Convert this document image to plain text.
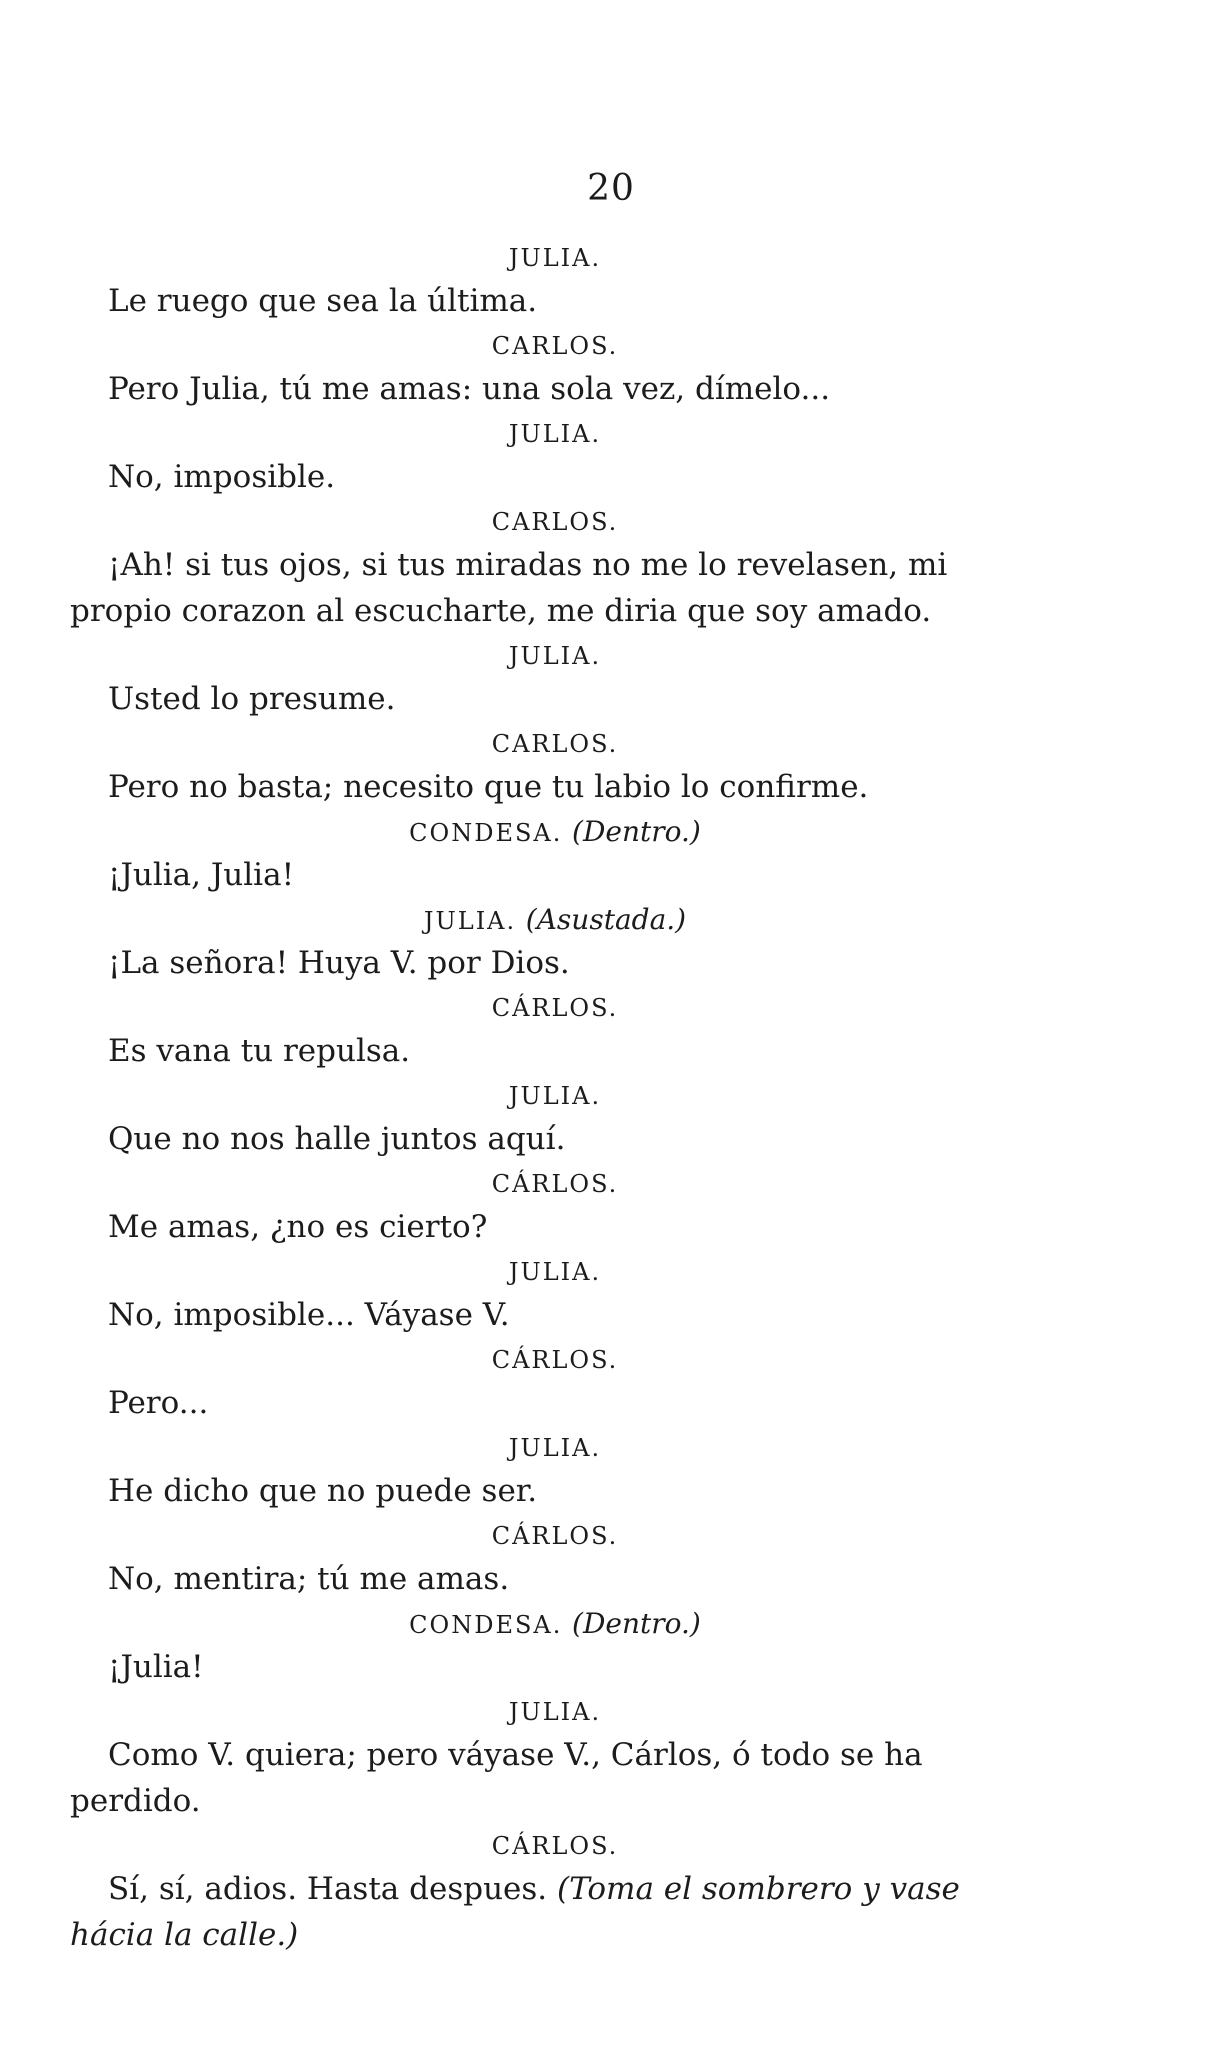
20

JULIA.

Le ruego que sea la última.

CARLOS.

Pero Julia, tú me amas: una sola vez, dímelo...

JULIA.

No, imposible.

CARLOS.

¡Ah! si tus ojos, si tus miradas no me lo revelasen, mi propio corazon al escucharte, me diria que soy amado.

JULIA.

Usted lo presume.

CARLOS.

Pero no basta; necesito que tu labio lo confirme.

CONDESA. (Dentro.)

¡Julia, Julia!

JULIA. (Asustada.)

¡La señora! Huya V. por Dios.

CÁRLOS.

Es vana tu repulsa.

JULIA.

Que no nos halle juntos aquí.

CÁRLOS.

Me amas, ¿no es cierto?

JULIA.

No, imposible... Váyase V.

CÁRLOS.

Pero...

JULIA.

He dicho que no puede ser.

CÁRLOS.

No, mentira; tú me amas.

CONDESA. (Dentro.)

¡Julia!

JULIA.

Como V. quiera; pero váyase V., Cárlos, ó todo se ha perdido.

CÁRLOS.

Sí, sí, adios. Hasta despues. (Toma el sombrero y vase hácia la calle.)
